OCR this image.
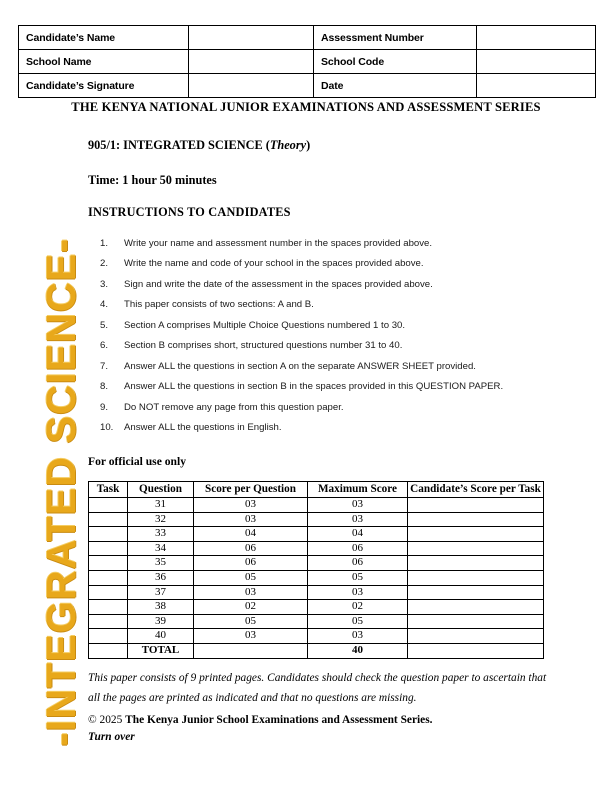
-INTEGRATED SCIENCE-
Candidate’s Name		Assessment Number	
School Name		School Code	
Candidate’s Signature		Date	
THE KENYA NATIONAL JUNIOR EXAMINATIONS AND ASSESSMENT SERIES
905/1: INTEGRATED SCIENCE (Theory)
Time: 1 hour 50 minutes
INSTRUCTIONS TO CANDIDATES
1.	Write your name and assessment number in the spaces provided above.
2.	Write the name and code of your school in the spaces provided above.
3.	Sign and write the date of the assessment in the spaces provided above.
4.	This paper consists of two sections: A and B.
5.	Section A comprises Multiple Choice Questions numbered 1 to 30.
6.	Section B comprises short, structured questions number 31 to 40.
7.	Answer ALL the questions in section A on the separate ANSWER SHEET provided.
8.	Answer ALL the questions in section B in the spaces provided in this QUESTION PAPER.
9.	Do NOT remove any page from this question paper.
10.	Answer ALL the questions in English.
For official use only
Task	Question	Score per Question	Maximum Score	Candidate’s Score per Task
	31	03	03	
	32	03	03	
	33	04	04	
	34	06	06	
	35	06	06	
	36	05	05	
	37	03	03	
	38	02	02	
	39	05	05	
	40	03	03	
	TOTAL		40	

This paper consists of 9 printed pages. Candidates should check the question paper to ascertain that all the pages are printed as indicated and that no questions are missing.

© 2025 The Kenya Junior School Examinations and Assessment Series.

Turn over
